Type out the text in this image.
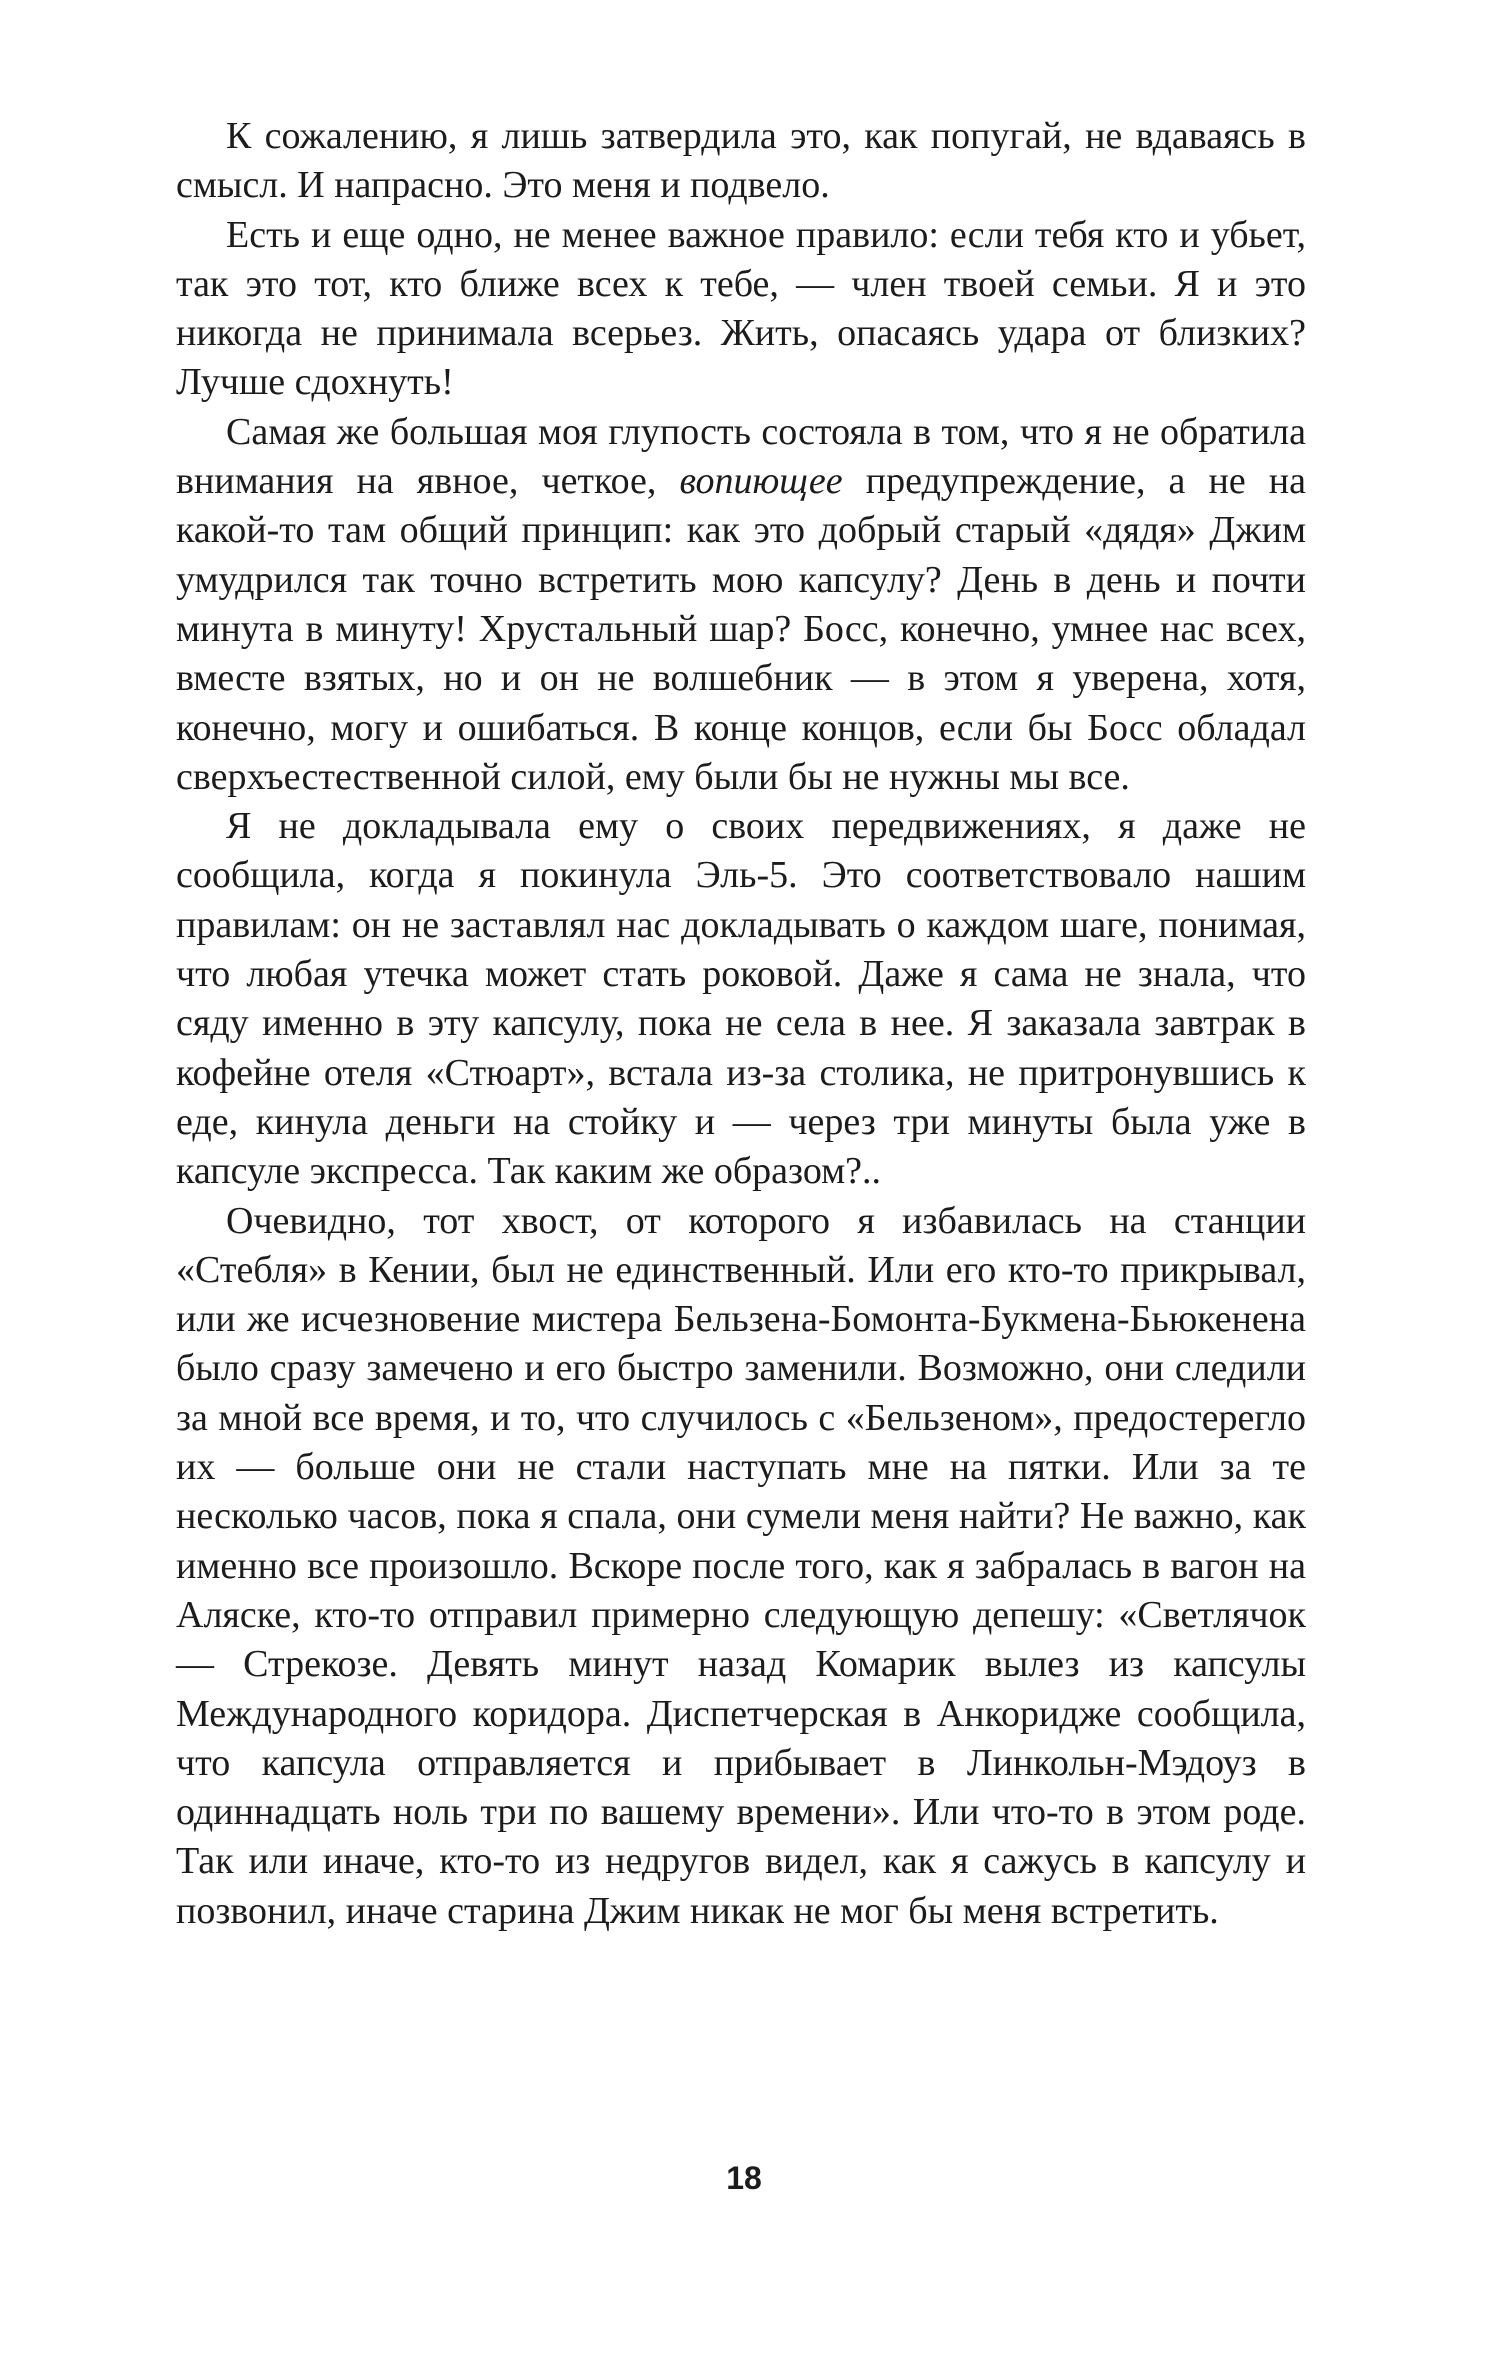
К сожалению, я лишь затвердила это, как попугай, не вдаваясь в смысл. И напрасно. Это меня и подвело.

Есть и еще одно, не менее важное правило: если тебя кто и убьет, так это тот, кто ближе всех к тебе, — член твоей семьи. Я и это никогда не принимала всерьез. Жить, опасаясь удара от близких? Лучше сдохнуть!

Самая же большая моя глупость состояла в том, что я не обратила внимания на явное, четкое, вопиющее предупреждение, а не на какой-то там общий принцип: как это добрый старый «дядя» Джим умудрился так точно встретить мою капсулу? День в день и почти минута в минуту! Хрустальный шар? Босс, конечно, умнее нас всех, вместе взятых, но и он не волшебник — в этом я уверена, хотя, конечно, могу и ошибаться. В конце концов, если бы Босс обладал сверхъестественной силой, ему были бы не нужны мы все.

Я не докладывала ему о своих передвижениях, я даже не сообщила, когда я покинула Эль-5. Это соответствовало нашим правилам: он не заставлял нас докладывать о каждом шаге, понимая, что любая утечка может стать роковой. Даже я сама не знала, что сяду именно в эту капсулу, пока не села в нее. Я заказала завтрак в кофейне отеля «Стюарт», встала из-за столика, не притронувшись к еде, кинула деньги на стойку и — через три минуты была уже в капсуле экспресса. Так каким же образом?..

Очевидно, тот хвост, от которого я избавилась на станции «Стебля» в Кении, был не единственный. Или его кто-то прикрывал, или же исчезновение мистера Бельзена-Бомонта-Букмена-Бьюкенена было сразу замечено и его быстро заменили. Возможно, они следили за мной все время, и то, что случилось с «Бельзеном», предостерегло их — больше они не стали наступать мне на пятки. Или за те несколько часов, пока я спала, они сумели меня найти? Не важно, как именно все произошло. Вскоре после того, как я забралась в вагон на Аляске, кто-то отправил примерно следующую депешу: «Светлячок — Стрекозе. Девять минут назад Комарик вылез из капсулы Международного коридора. Диспетчерская в Анкоридже сообщила, что капсула отправляется и прибывает в Линкольн-Мэдоуз в одиннадцать ноль три по вашему времени». Или что-то в этом роде. Так или иначе, кто-то из недругов видел, как я сажусь в капсулу и позвонил, иначе старина Джим никак не мог бы меня встретить.

18
